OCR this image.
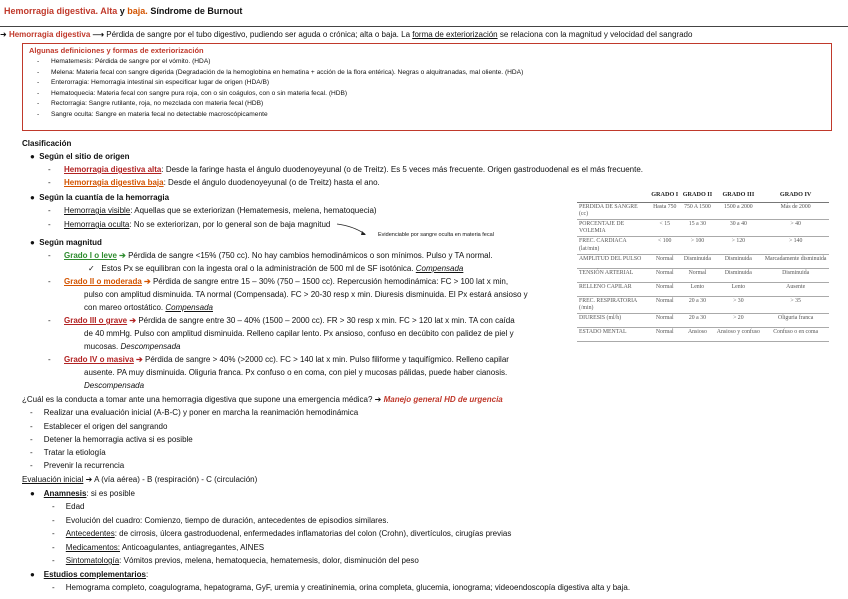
Hemorragia digestiva. Alta y baja. Síndrome de Burnout
➜ Hemorragia digestiva ⟶ Pérdida de sangre por el tubo digestivo, pudiendo ser aguda o crónica; alta o baja. La forma de exteriorización se relaciona con la magnitud y velocidad del sangrado
Algunas definiciones y formas de exteriorización
- Hematemesis: Pérdida de sangre por el vómito. (HDA)
- Melena: Materia fecal con sangre digerida (Degradación de la hemoglobina en hematina + acción de la flora entérica). Negras o alquitranadas, mal oliente. (HDA)
- Enterorragia: Hemorragia intestinal sin especificar lugar de origen (HDA/B)
- Hematoquecia: Materia fecal con sangre pura roja, con o sin coágulos, con o sin materia fecal. (HDB)
- Rectorragia: Sangre rutilante, roja, no mezclada con materia fecal (HDB)
- Sangre oculta: Sangre en materia fecal no detectable macroscópicamente
Clasificación
●  Según el sitio de origen
-      Hemorragia digestiva alta: Desde la faringe hasta el ángulo duodenoyeyunal (o de Treitz). Es 5 veces más frecuente. Origen gastroduodenal es el más frecuente.
-      Hemorragia digestiva baja: Desde el ángulo duodenoyeyunal (o de Treitz) hasta el ano.
●  Según la cuantía de la hemorragia
-      Hemorragia visible: Aquellas que se exteriorizan (Hematemesis, melena, hematoquecia)
-      Hemorragia oculta: No se exteriorizan, por lo general son de baja magnitud
Evidenciable por sangre oculta en materia fecal
●  Según magnitud
-      Grado I o leve ➔ Pérdida de sangre <15% (750 cc). No hay cambios hemodinámicos o son mínimos. Pulso y TA normal.
✓   Estos Px se equilibran con la ingesta oral o la administración de 500 ml de SF isotónica. Compensada
-      Grado II o moderada ➔ Pérdida de sangre entre 15 – 30% (750 – 1500 cc). Repercusión hemodinámica: FC > 100 lat x min,
pulso con amplitud disminuida. TA normal (Compensada). FC > 20-30 resp x min. Diuresis disminuida. El Px estará ansioso y
con mareo ortostático. Compensada
-      Grado III o grave ➔ Pérdida de sangre entre 30 – 40% (1500 – 2000 cc). FR > 30 resp x min. FC > 120 lat x min. TA con caída
de 40 mmHg. Pulso con amplitud disminuida. Relleno capilar lento. Px ansioso, confuso en decúbito con palidez de piel y
mucosas. Descompensada
-      Grado IV o masiva ➔ Pérdida de sangre > 40% (>2000 cc). FC > 140 lat x min. Pulso filiforme y taquifígmico. Relleno capilar
ausente. PA muy disminuida. Oliguria franca. Px confuso o en coma, con piel y mucosas pálidas, puede haber cianosis.
Descompensada
	GRADO I	GRADO II	GRADO III	GRADO IV
PERDIDA DE SANGRE (cc)	Hasta 750	750 A 1500	1500 a 2000	Más de 2000
PORCENTAJE DE VOLEMIA	< 15	15 a 30	30 a 40	> 40
FREC. CARDIACA (lat/min)	< 100	> 100	> 120	> 140
AMPLITUD DEL PULSO	Normal	Disminuida	Disminuida	Marcadamente disminuida
TENSIÓN ARTERIAL	Normal	Normal	Disminuida	Disminuida
RELLENO CAPILAR	Normal	Lento	Lento	Ausente
FREC. RESPIRATORIA (/min)	Normal	20 a 30	> 30	> 35
DIURESIS (ml/h)	Normal	20 a 30	> 20	Oliguria franca
ESTADO MENTAL	Normal	Ansioso	Ansioso y confuso	Confuso o en coma
¿Cuál es la conducta a tomar ante una hemorragia digestiva que supone una emergencia médica? ➔ Manejo general HD de urgencia
-     Realizar una evaluación inicial (A-B-C) y poner en marcha la reanimación hemodinámica
-     Establecer el origen del sangrando
-     Detener la hemorragia activa si es posible
-     Tratar la etiología
-     Prevenir la recurrencia
Evaluación inicial ➔ A (vía aérea) - B (respiración) - C (circulación)
●    Anamnesis: si es posible
-     Edad
-     Evolución del cuadro: Comienzo, tiempo de duración, antecedentes de episodios similares.
-     Antecedentes: de cirrosis, úlcera gastroduodenal, enfermedades inflamatorias del colon (Crohn), divertículos, cirugías previas
-     Medicamentos: Anticoagulantes, antiagregantes, AINES
-     Sintomatología: Vómitos previos, melena, hematoquecia, hematemesis, dolor, disminución del peso
●    Estudios complementarios:
-     Hemograma completo, coagulograma, hepatograma, GyF, uremia y creatininemia, orina completa, glucemia, ionograma; videoendoscopía digestiva alta y baja.
